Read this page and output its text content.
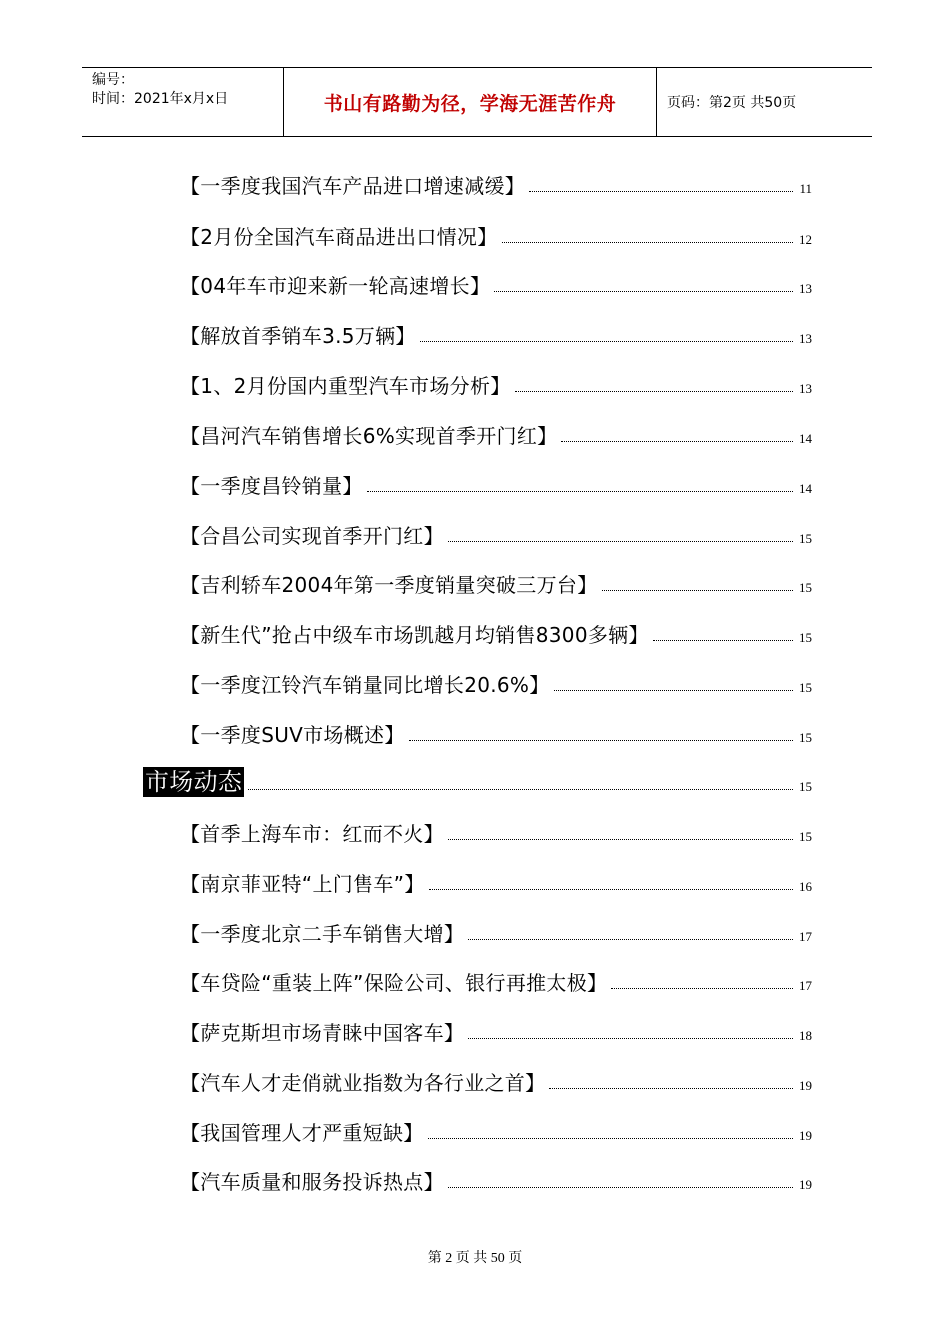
编号：
时间：2021年x月x日	书山有路勤为径，学海无涯苦作舟	页码：第2页 共50页
【一季度我国汽车产品进口增速减缓】	11
【2月份全国汽车商品进出口情况】	12
【04年车市迎来新一轮高速增长】	13
【解放首季销车3.5万辆】	13
【1、2月份国内重型汽车市场分析】	13
【昌河汽车销售增长6%实现首季开门红】	14
【一季度昌铃销量】	14
【合昌公司实现首季开门红】	15
【吉利轿车2004年第一季度销量突破三万台】	15
【新生代”抢占中级车市场凯越月均销售8300多辆】	15
【一季度江铃汽车销量同比增长20.6%】	15
【一季度SUV市场概述】	15
市场动态	15
【首季上海车市：红而不火】	15
【南京菲亚特“上门售车”】	16
【一季度北京二手车销售大增】	17
【车贷险“重装上阵”保险公司、银行再推太极】	17
【萨克斯坦市场青睐中国客车】	18
【汽车人才走俏就业指数为各行业之首】	19
【我国管理人才严重短缺】	19
【汽车质量和服务投诉热点】	19
第 2 页 共 50 页
